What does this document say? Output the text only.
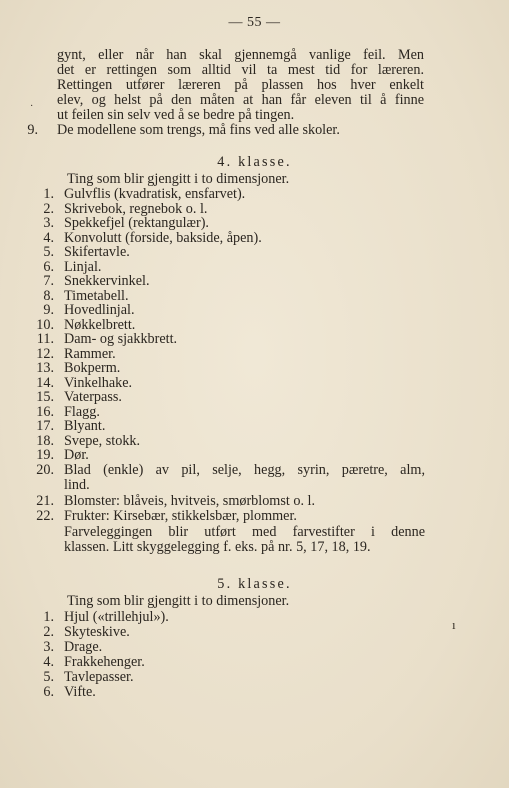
— 55 —
gynt, eller når han skal gjennemgå vanlige feil. Men
det er rettingen som alltid vil ta mest tid for læreren.
Rettingen utfører læreren på plassen hos hver enkelt
elev, og helst på den måten at han får eleven til å finne
ut feilen sin selv ved å se bedre på tingen.
9. De modellene som trengs, må fins ved alle skoler.
4. klasse.
Ting som blir gjengitt i to dimensjoner.
1. Gulvflis (kvadratisk, ensfarvet).
2. Skrivebok, regnebok o. l.
3. Spekkefjel (rektangulær).
4. Konvolutt (forside, bakside, åpen).
5. Skifertavle.
6. Linjal.
7. Snekkervinkel.
8. Timetabell.
9. Hovedlinjal.
10. Nøkkelbrett.
11. Dam- og sjakkbrett.
12. Rammer.
13. Bokperm.
14. Vinkelhake.
15. Vaterpass.
16. Flagg.
17. Blyant.
18. Svepe, stokk.
19. Dør.
20. Blad (enkle) av pil, selje, hegg, syrin, pæretre, alm,
lind.
21. Blomster: blåveis, hvitveis, smørblomst o. l.
22. Frukter: Kirsebær, stikkelsbær, plommer.
Farveleggingen blir utført med farvestifter i denne
klassen. Litt skyggelegging f. eks. på nr. 5, 17, 18, 19.
5. klasse.
Ting som blir gjengitt i to dimensjoner.
1. Hjul («trillehjul»).
2. Skyteskive.
3. Drage.
4. Frakkehenger.
5. Tavlepasser.
6. Vifte.
·
ı
